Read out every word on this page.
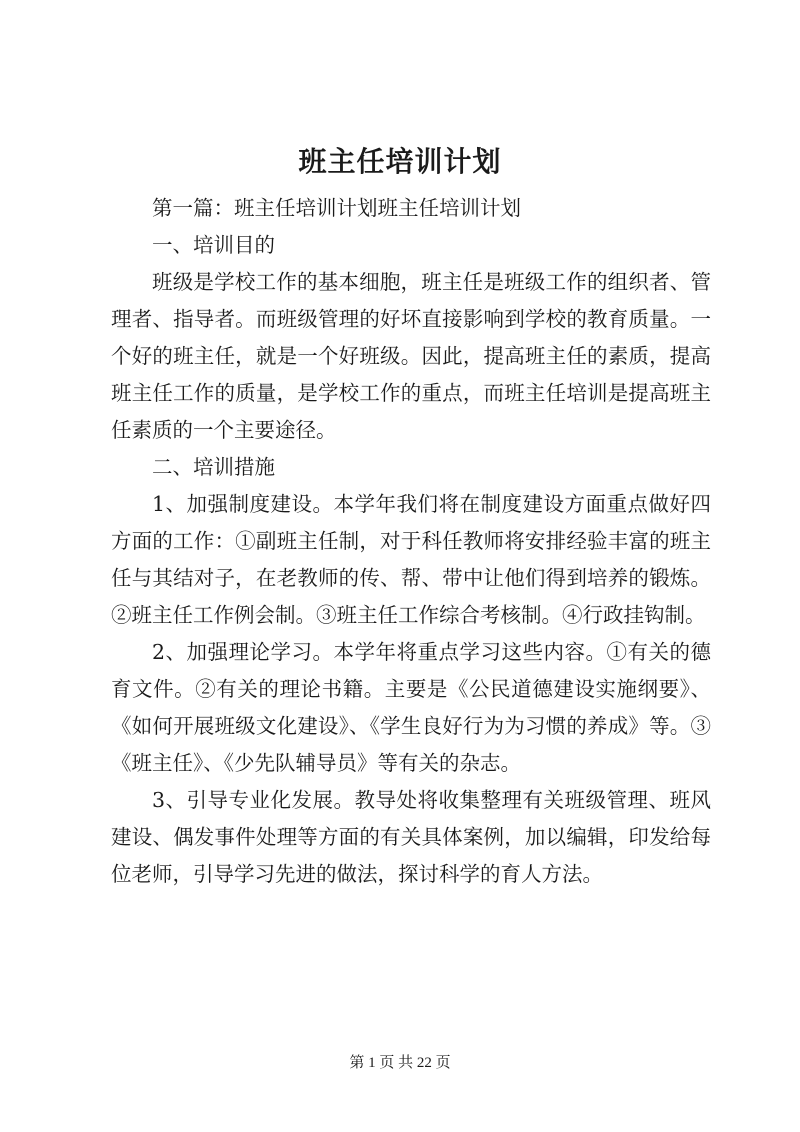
班主任培训计划

第一篇：班主任培训计划班主任培训计划

一、培训目的

班级是学校工作的基本细胞，班主任是班级工作的组织者、管理者、指导者。而班级管理的好坏直接影响到学校的教育质量。一个好的班主任，就是一个好班级。因此，提高班主任的素质，提高班主任工作的质量，是学校工作的重点，而班主任培训是提高班主任素质的一个主要途径。

二、培训措施

1、加强制度建设。本学年我们将在制度建设方面重点做好四方面的工作：①副班主任制，对于科任教师将安排经验丰富的班主任与其结对子，在老教师的传、帮、带中让他们得到培养的锻炼。②班主任工作例会制。③班主任工作综合考核制。④行政挂钩制。

2、加强理论学习。本学年将重点学习这些内容。①有关的德育文件。②有关的理论书籍。主要是《公民道德建设实施纲要》、《如何开展班级文化建设》、《学生良好行为为习惯的养成》等。③《班主任》、《少先队辅导员》等有关的杂志。

3、引导专业化发展。教导处将收集整理有关班级管理、班风建设、偶发事件处理等方面的有关具体案例，加以编辑，印发给每位老师，引导学习先进的做法，探讨科学的育人方法。

第 1 页 共 22 页
